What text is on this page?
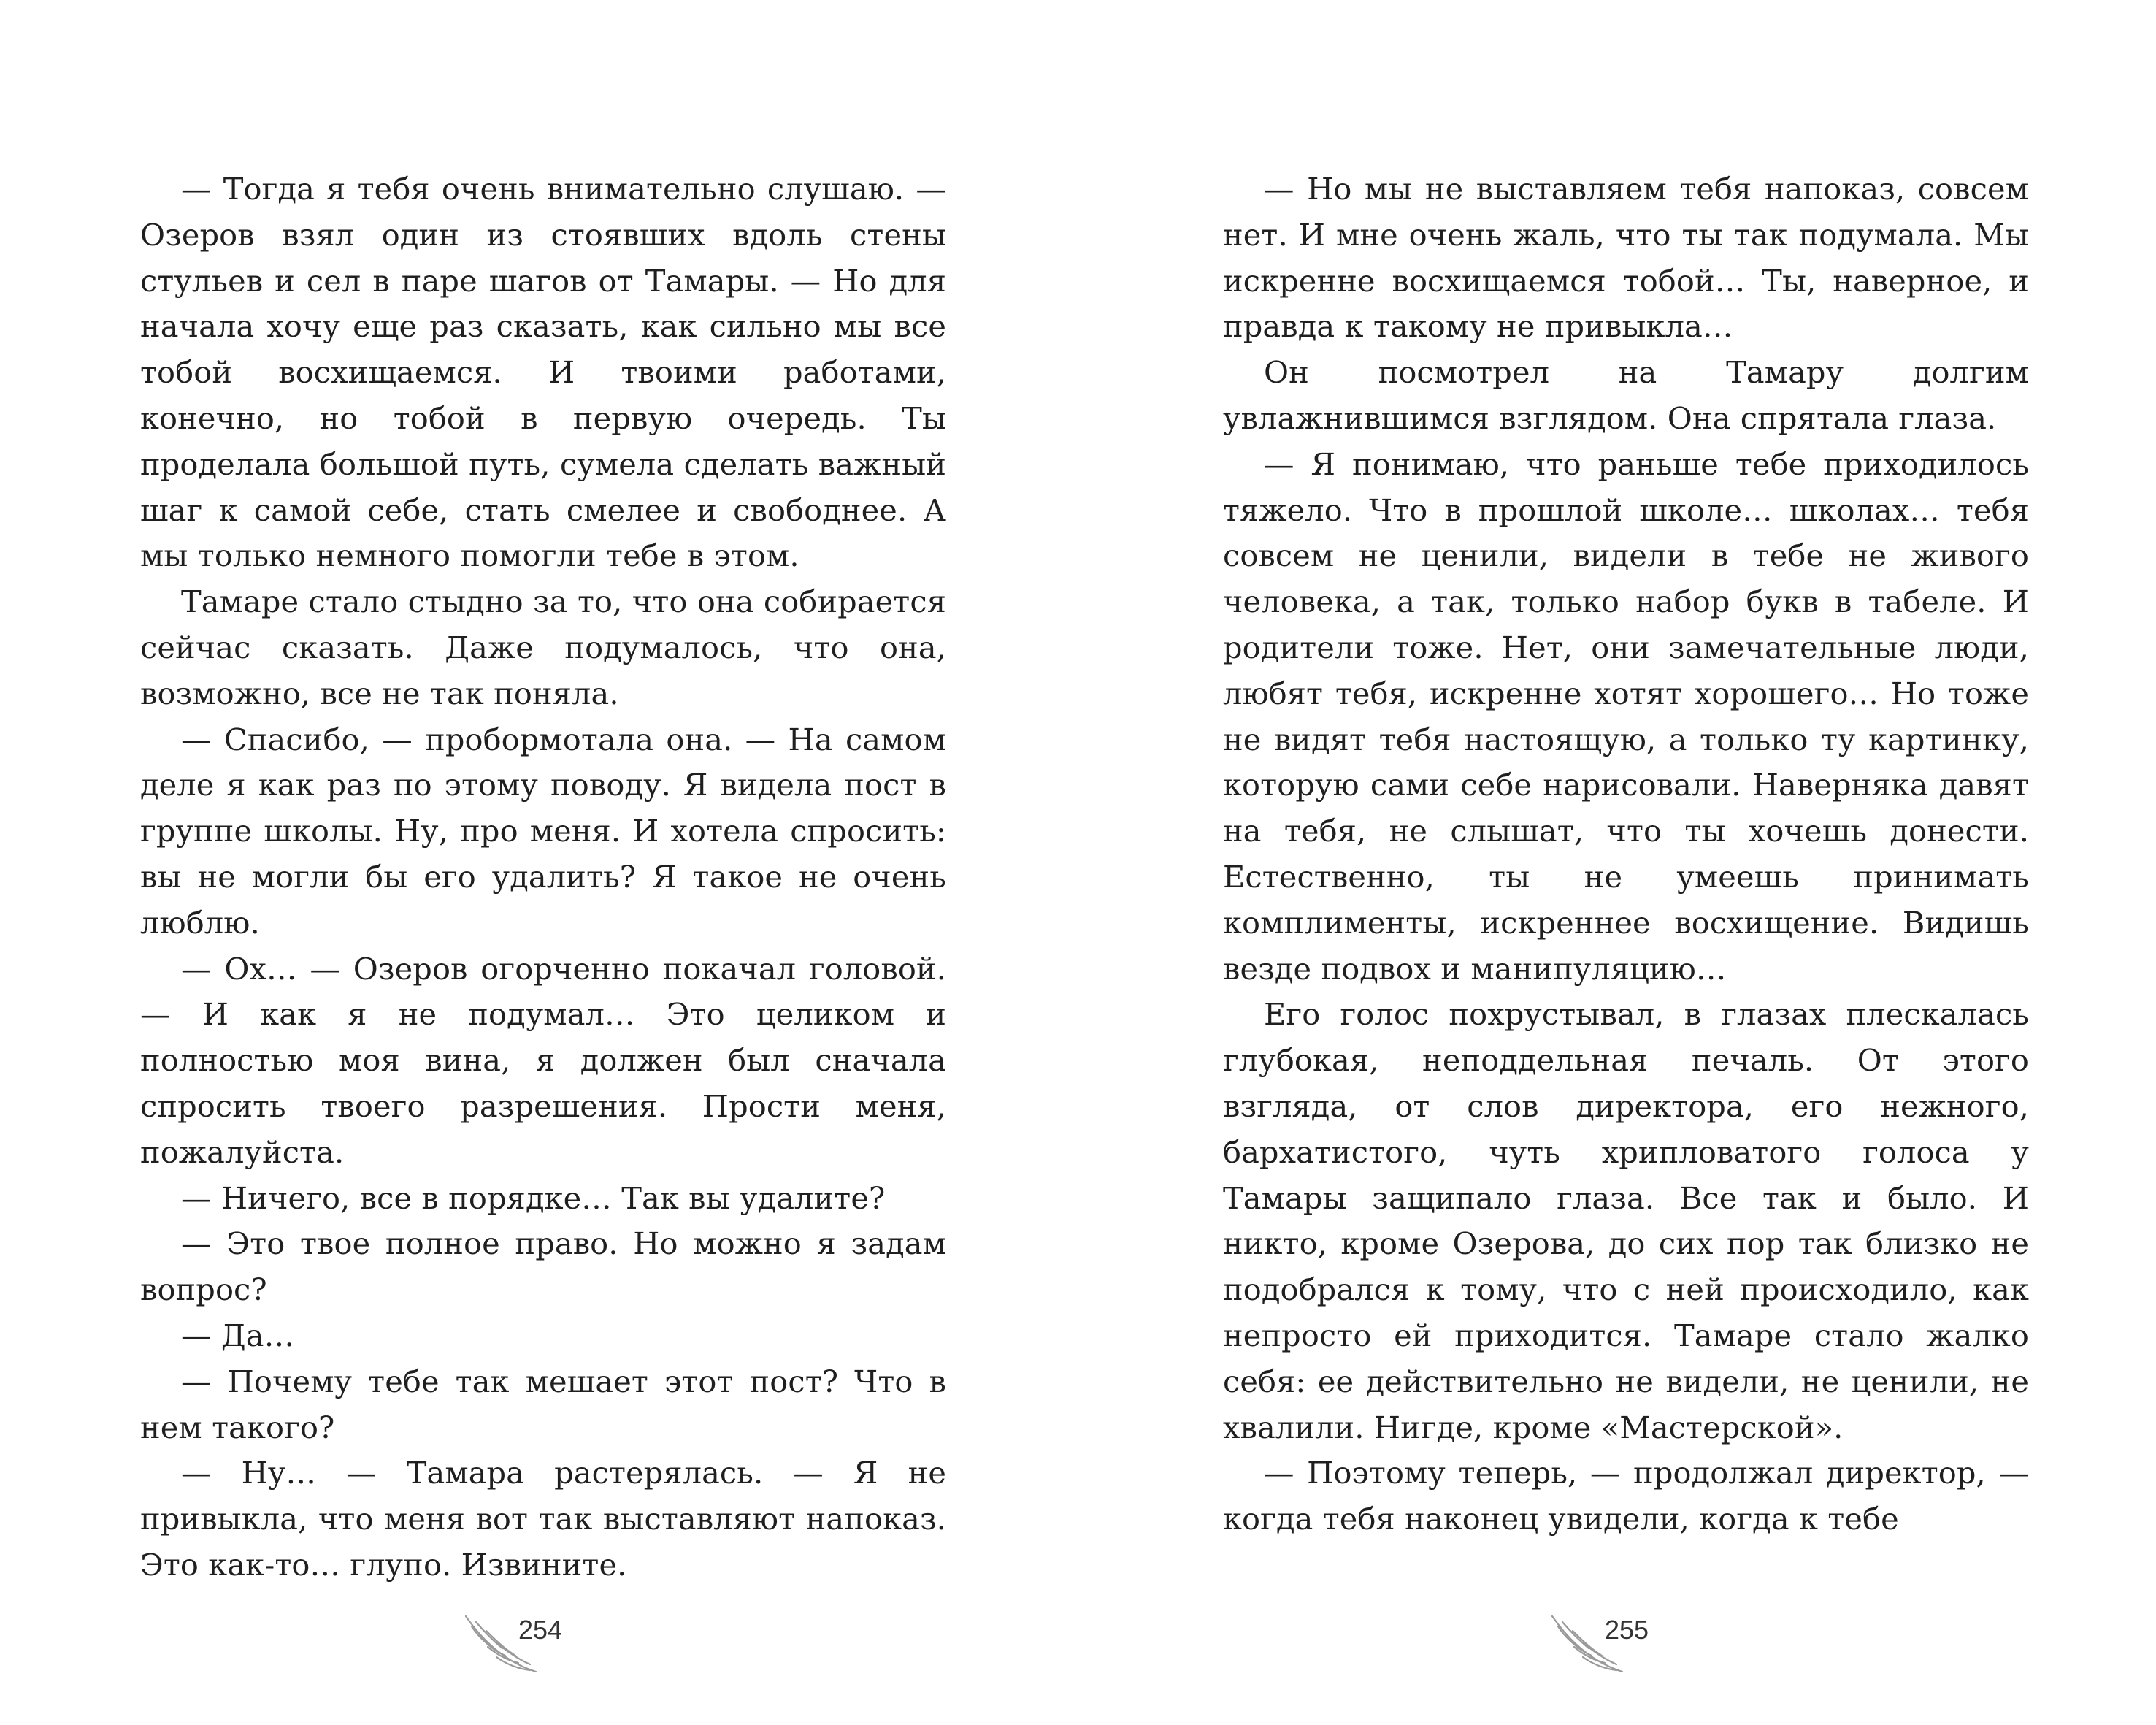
— Тогда я тебя очень внимательно слушаю. — Озеров взял один из стоявших вдоль стены стульев и сел в паре шагов от Тамары. — Но для начала хочу еще раз сказать, как сильно мы все тобой восхищаемся. И твоими работами, конечно, но тобой в первую очередь. Ты проделала большой путь, сумела сделать важный шаг к самой себе, стать смелее и свободнее. А мы только немного помогли тебе в этом.

Тамаре стало стыдно за то, что она собирается сейчас сказать. Даже подумалось, что она, возможно, все не так поняла.

— Спасибо, — пробормотала она. — На самом деле я как раз по этому поводу. Я видела пост в группе школы. Ну, про меня. И хотела спросить: вы не могли бы его удалить? Я такое не очень люблю.

— Ох… — Озеров огорченно покачал головой. — И как я не подумал… Это целиком и полностью моя вина, я должен был сначала спросить твоего разрешения. Прости меня, пожалуйста.

— Ничего, все в порядке… Так вы удалите?

— Это твое полное право. Но можно я задам вопрос?

— Да…

— Почему тебе так мешает этот пост? Что в нем такого?

— Ну… — Тамара растерялась. — Я не привыкла, что меня вот так выставляют напоказ. Это как-то… глупо. Извините.

— Но мы не выставляем тебя напоказ, совсем нет. И мне очень жаль, что ты так подумала. Мы искренне восхищаемся тобой… Ты, наверное, и правда к такому не привыкла…

Он посмотрел на Тамару долгим увлажнившимся взглядом. Она спрятала глаза.

— Я понимаю, что раньше тебе приходилось тяжело. Что в прошлой школе… школах… тебя совсем не ценили, видели в тебе не живого человека, а так, только набор букв в табеле. И родители тоже. Нет, они замечательные люди, любят тебя, искренне хотят хорошего… Но тоже не видят тебя настоящую, а только ту картинку, которую сами себе нарисовали. Наверняка давят на тебя, не слышат, что ты хочешь донести. Естественно, ты не умеешь принимать комплименты, искреннее восхищение. Видишь везде подвох и манипуляцию…

Его голос похрустывал, в глазах плескалась глубокая, неподдельная печаль. От этого взгляда, от слов директора, его нежного, бархатистого, чуть хрипловатого голоса у Тамары защипало глаза. Все так и было. И никто, кроме Озерова, до сих пор так близко не подобрался к тому, что с ней происходило, как непросто ей приходится. Тамаре стало жалко себя: ее действительно не видели, не ценили, не хвалили. Нигде, кроме «Мастерской».

— Поэтому теперь, — продолжал директор, — когда тебя наконец увидели, когда к тебе

254	255
